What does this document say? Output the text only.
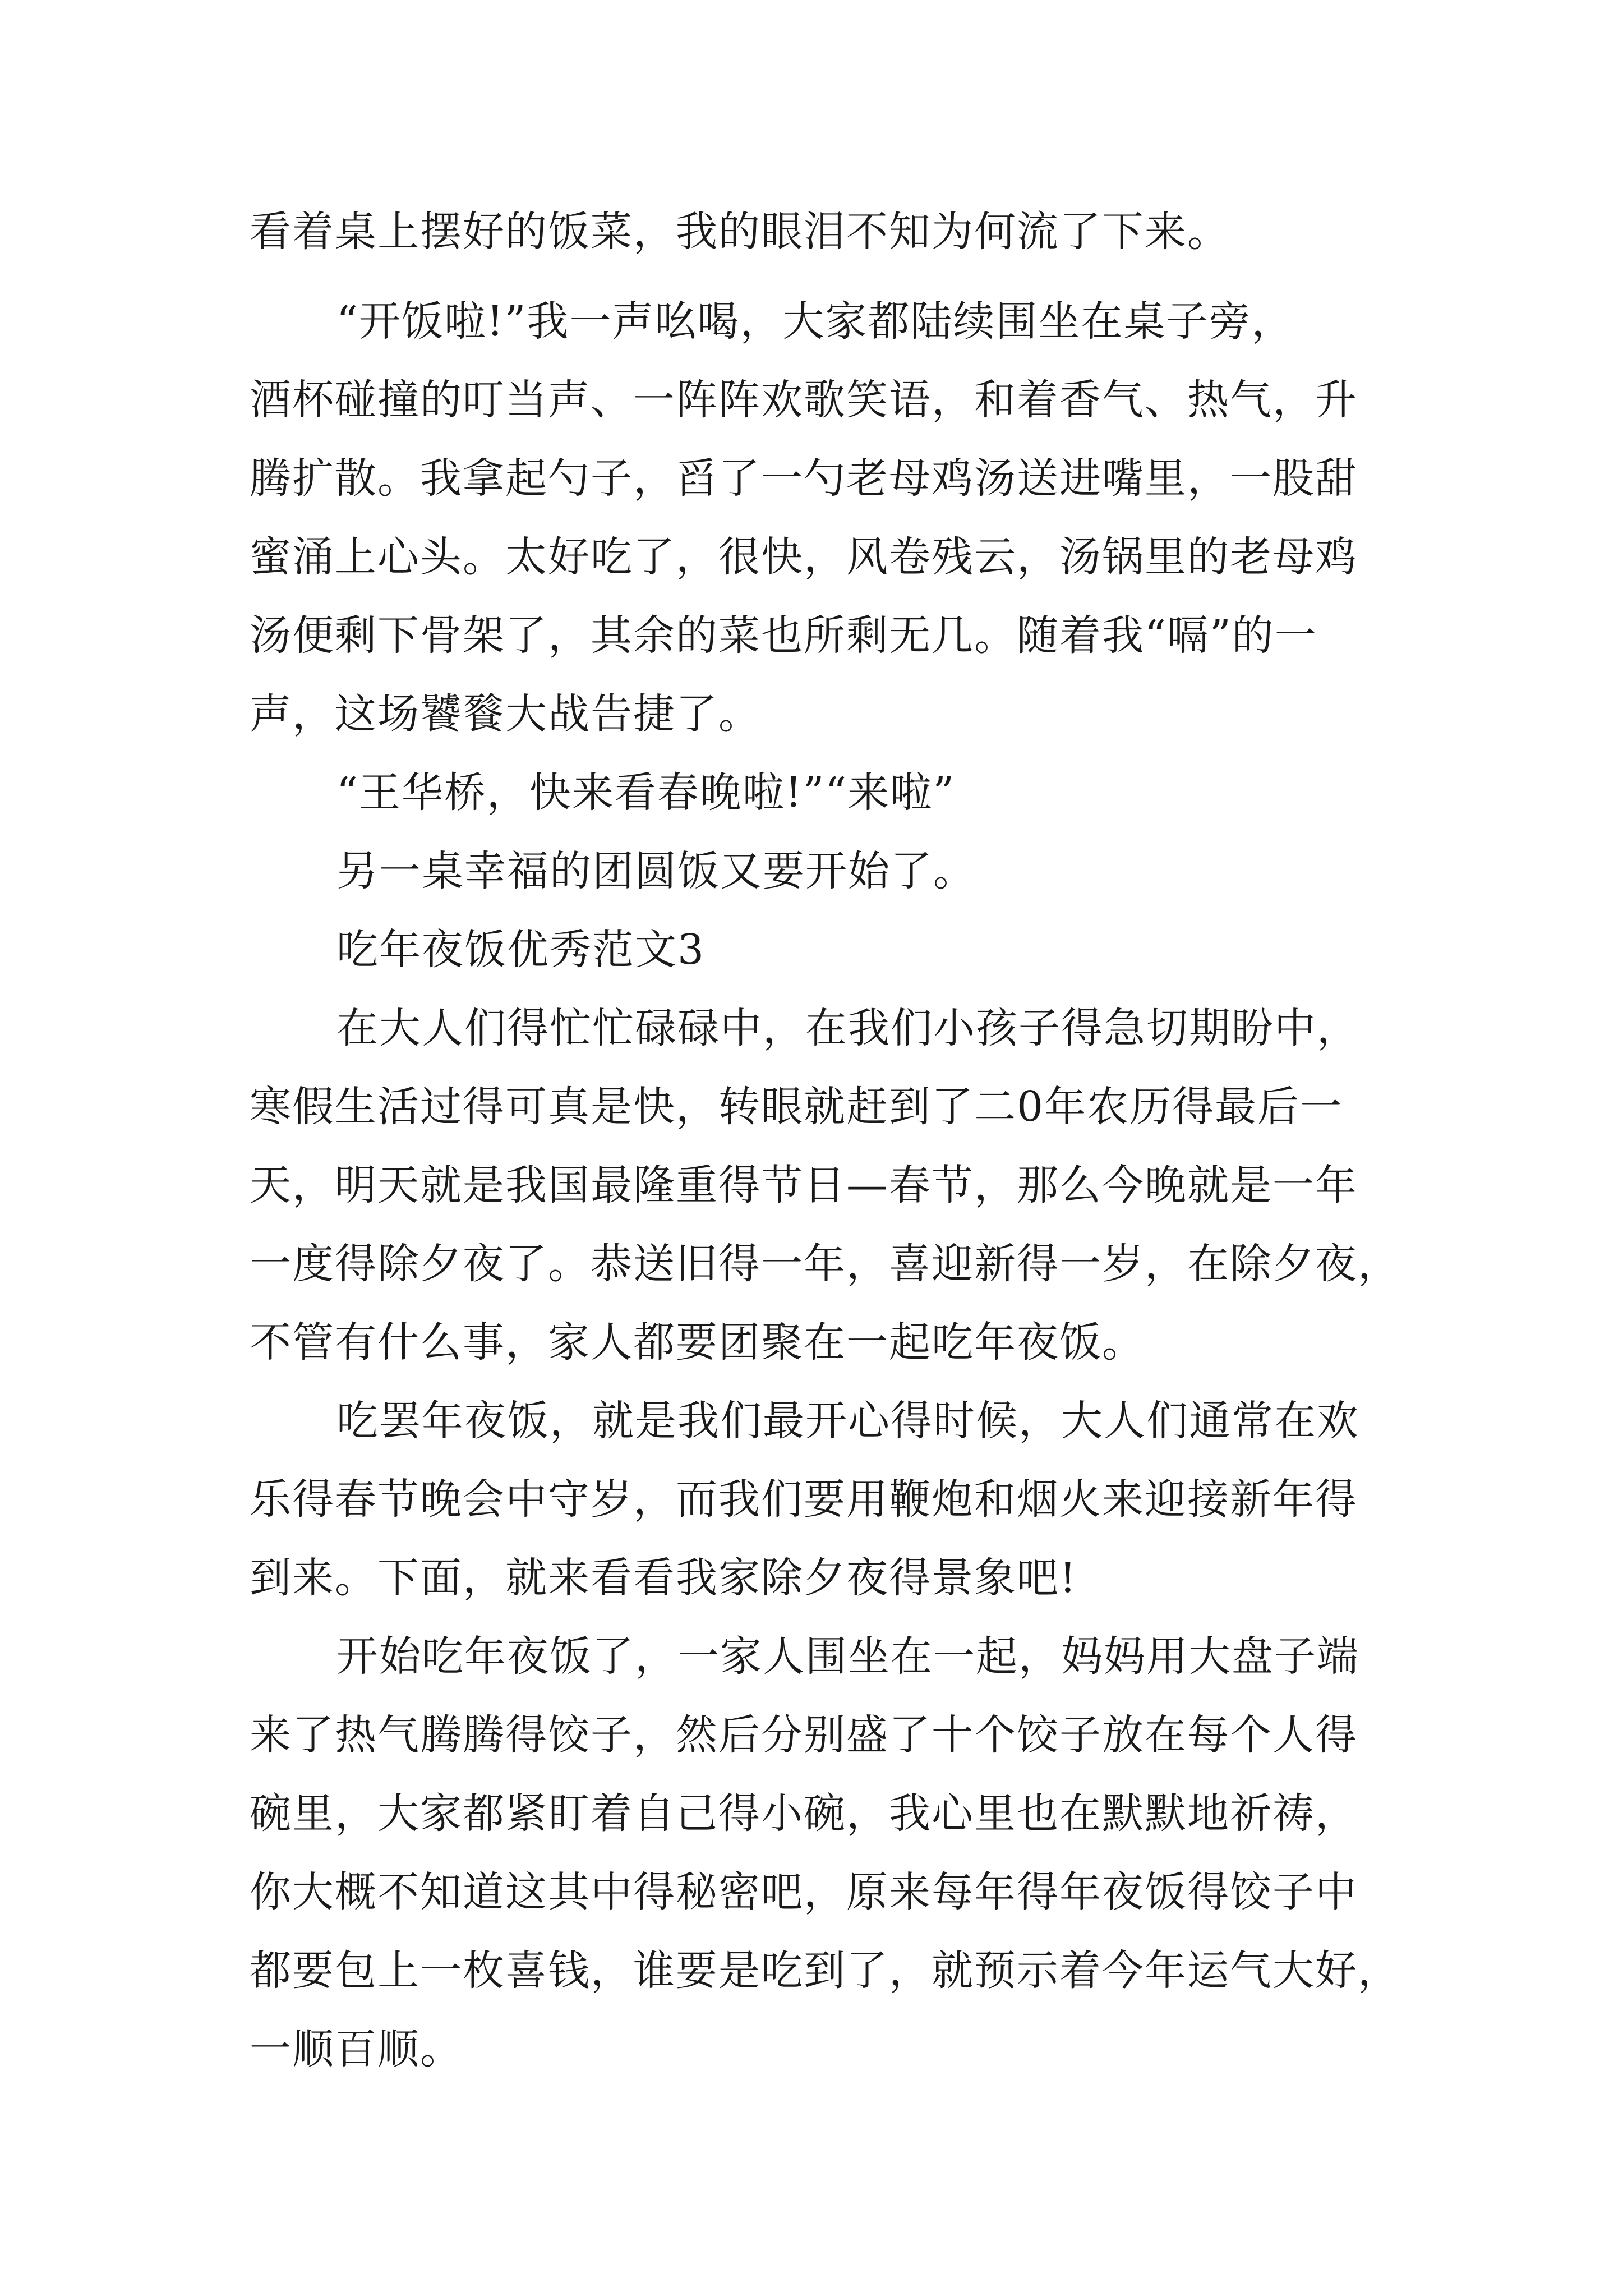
看着桌上摆好的饭菜，我的眼泪不知为何流了下来。
“开饭啦!”我一声吆喝，大家都陆续围坐在桌子旁，
酒杯碰撞的叮当声、一阵阵欢歌笑语，和着香气、热气，升
腾扩散。我拿起勺子，舀了一勺老母鸡汤送进嘴里，一股甜
蜜涌上心头。太好吃了，很快，风卷残云，汤锅里的老母鸡
汤便剩下骨架了，其余的菜也所剩无几。随着我“嗝”的一
声，这场饕餮大战告捷了。
“王华桥，快来看春晚啦!”“来啦”
另一桌幸福的团圆饭又要开始了。
吃年夜饭优秀范文3
在大人们得忙忙碌碌中，在我们小孩子得急切期盼中，
寒假生活过得可真是快，转眼就赶到了二0年农历得最后一
天，明天就是我国最隆重得节日—春节，那么今晚就是一年
一度得除夕夜了。恭送旧得一年，喜迎新得一岁，在除夕夜，
不管有什么事，家人都要团聚在一起吃年夜饭。
吃罢年夜饭，就是我们最开心得时候，大人们通常在欢
乐得春节晚会中守岁，而我们要用鞭炮和烟火来迎接新年得
到来。下面，就来看看我家除夕夜得景象吧!
开始吃年夜饭了，一家人围坐在一起，妈妈用大盘子端
来了热气腾腾得饺子，然后分别盛了十个饺子放在每个人得
碗里，大家都紧盯着自己得小碗，我心里也在默默地祈祷，
你大概不知道这其中得秘密吧，原来每年得年夜饭得饺子中
都要包上一枚喜钱，谁要是吃到了，就预示着今年运气大好，
一顺百顺。
